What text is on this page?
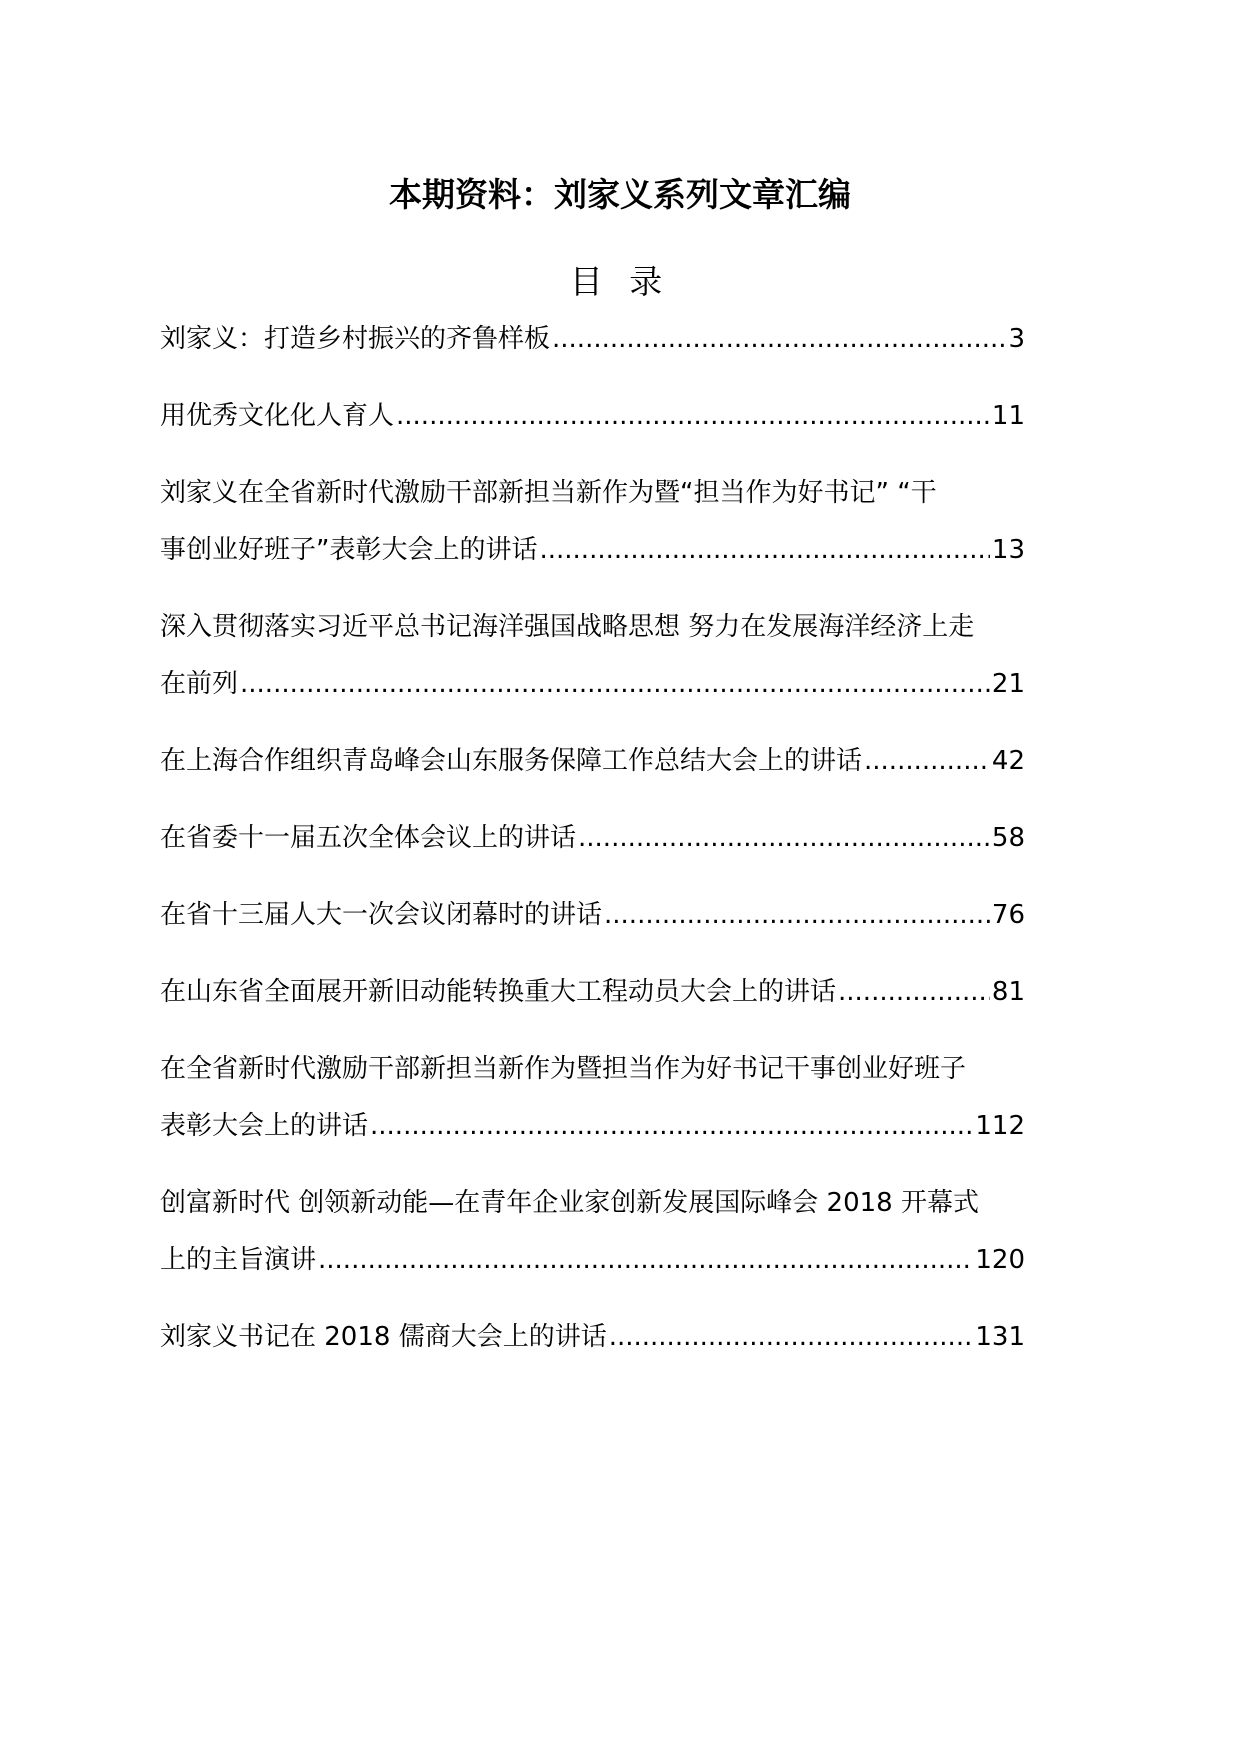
本期资料：刘家义系列文章汇编
目 录
刘家义：打造乡村振兴的齐鲁样板 .....	3
用优秀文化化人育人 .....	11
刘家义在全省新时代激励干部新担当新作为暨“担当作为好书记” “干
事创业好班子”表彰大会上的讲话 .....	13
深入贯彻落实习近平总书记海洋强国战略思想 努力在发展海洋经济上走
在前列 .....	21
在上海合作组织青岛峰会山东服务保障工作总结大会上的讲话 .....	42
在省委十一届五次全体会议上的讲话 .....	58
在省十三届人大一次会议闭幕时的讲话 .....	76
在山东省全面展开新旧动能转换重大工程动员大会上的讲话 .....	81
在全省新时代激励干部新担当新作为暨担当作为好书记干事创业好班子
表彰大会上的讲话 .....	112
创富新时代 创领新动能—在青年企业家创新发展国际峰会 2018 开幕式
上的主旨演讲 .....	120
刘家义书记在 2018 儒商大会上的讲话 .....	131
